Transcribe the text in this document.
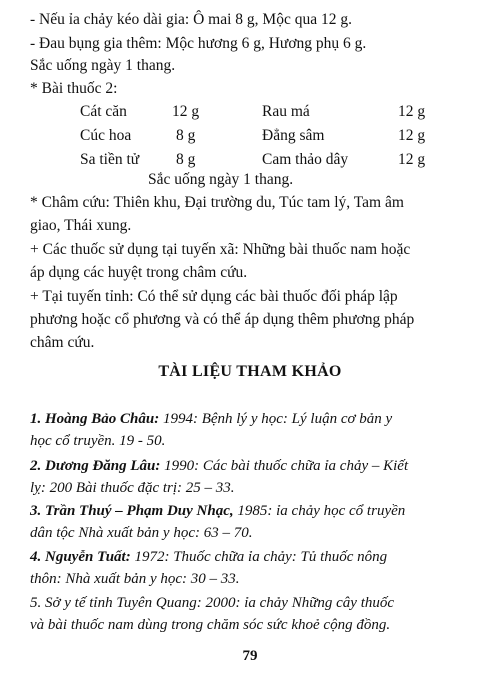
- Nếu ỉa chảy kéo dài gia: Ô mai 8 g, Mộc qua 12 g.
- Đau bụng gia thêm: Mộc hương 6 g, Hương phụ 6 g.
Sắc uống ngày 1 thang.
* Bài thuốc 2:
Cát căn	12 g	Rau má	12 g
Cúc hoa	8 g	Đẳng sâm	12 g
Sa tiền tử 8 g	Cam thảo dây	12 g
Sắc uống ngày 1 thang.
* Châm cứu: Thiên khu, Đại trường du, Túc tam lý, Tam âm
giao, Thái xung.
+ Các thuốc sử dụng tại tuyến xã: Những bài thuốc nam hoặc
áp dụng các huyệt trong châm cứu.
+ Tại tuyến tỉnh: Có thể sử dụng các bài thuốc đối pháp lập
phương hoặc cổ phương và có thể áp dụng thêm phương pháp
châm cứu.
TÀI LIỆU THAM KHẢO
1. Hoàng Bảo Châu: 1994: Bệnh lý y học: Lý luận cơ bản y
học cổ truyền. 19 - 50.
2. Dương Đăng Lâu: 1990: Các bài thuốc chữa ỉa chảy – Kiết
lỵ: 200 Bài thuốc đặc trị: 25 – 33.
3. Trần Thuý – Phạm Duy Nhạc, 1985: ỉa chảy học cổ truyền
dân tộc Nhà xuất bản y học: 63 – 70.
4. Nguyễn Tuất: 1972: Thuốc chữa ỉa chảy: Tủ thuốc nông
thôn: Nhà xuất bản y học: 30 – 33.
5. Sở y tế tỉnh Tuyên Quang: 2000: ỉa chảy Những cây thuốc
và bài thuốc nam dùng trong chăm sóc sức khoẻ cộng đồng.
79
